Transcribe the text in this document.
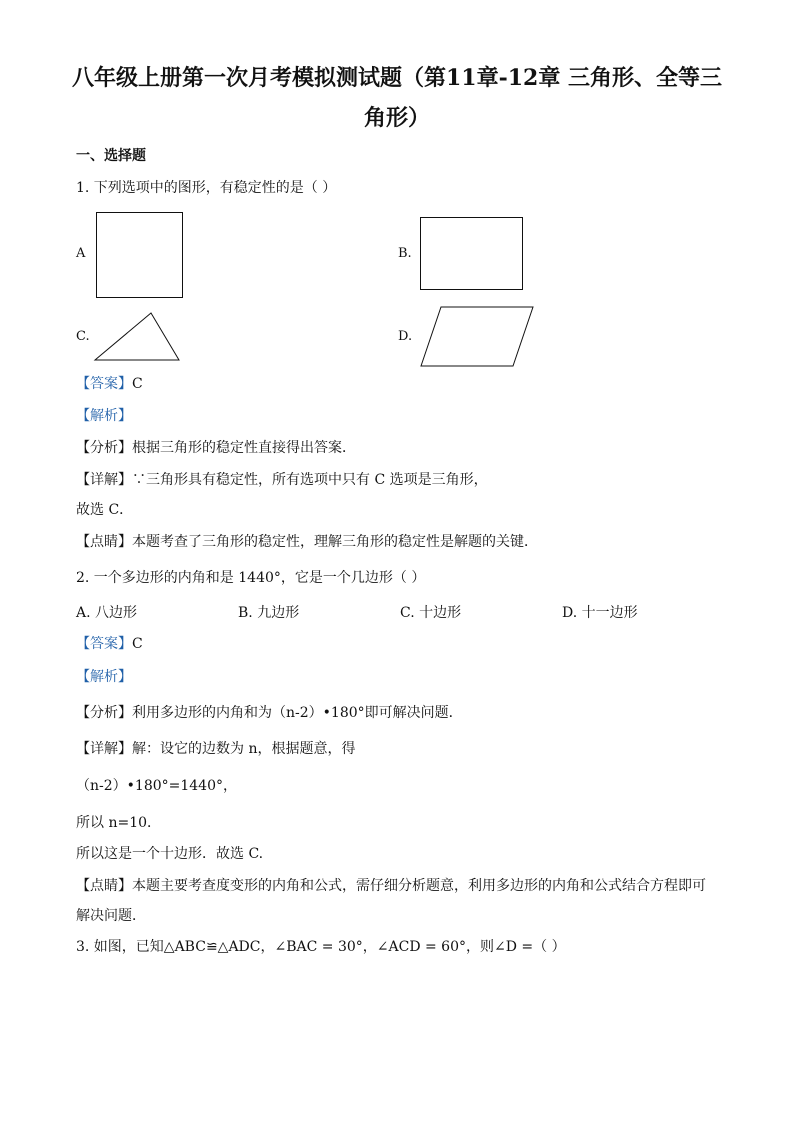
八年级上册第一次月考模拟测试题（第11章-12章 三角形、全等三
角形）
一、选择题
1. 下列选项中的图形，有稳定性的是（ ）
A	B.
C.	D.
【答案】C
【解析】
【分析】根据三角形的稳定性直接得出答案．
【详解】∵三角形具有稳定性，所有选项中只有 C 选项是三角形，
故选 C．
【点睛】本题考查了三角形的稳定性，理解三角形的稳定性是解题的关键．
2. 一个多边形的内角和是 1440°，它是一个几边形（ ）
A. 八边形	B. 九边形	C. 十边形	D. 十一边形
【答案】C
【解析】
【分析】利用多边形的内角和为（n-2）•180°即可解决问题．
【详解】解：设它的边数为 n，根据题意，得
（n-2）•180°=1440°，
所以 n=10．
所以这是一个十边形．故选 C.
【点睛】本题主要考查度变形的内角和公式，需仔细分析题意，利用多边形的内角和公式结合方程即可
解决问题．
3. 如图，已知△ABC≌△ADC，∠BAC = 30°，∠ACD = 60°，则∠D =（ ）
